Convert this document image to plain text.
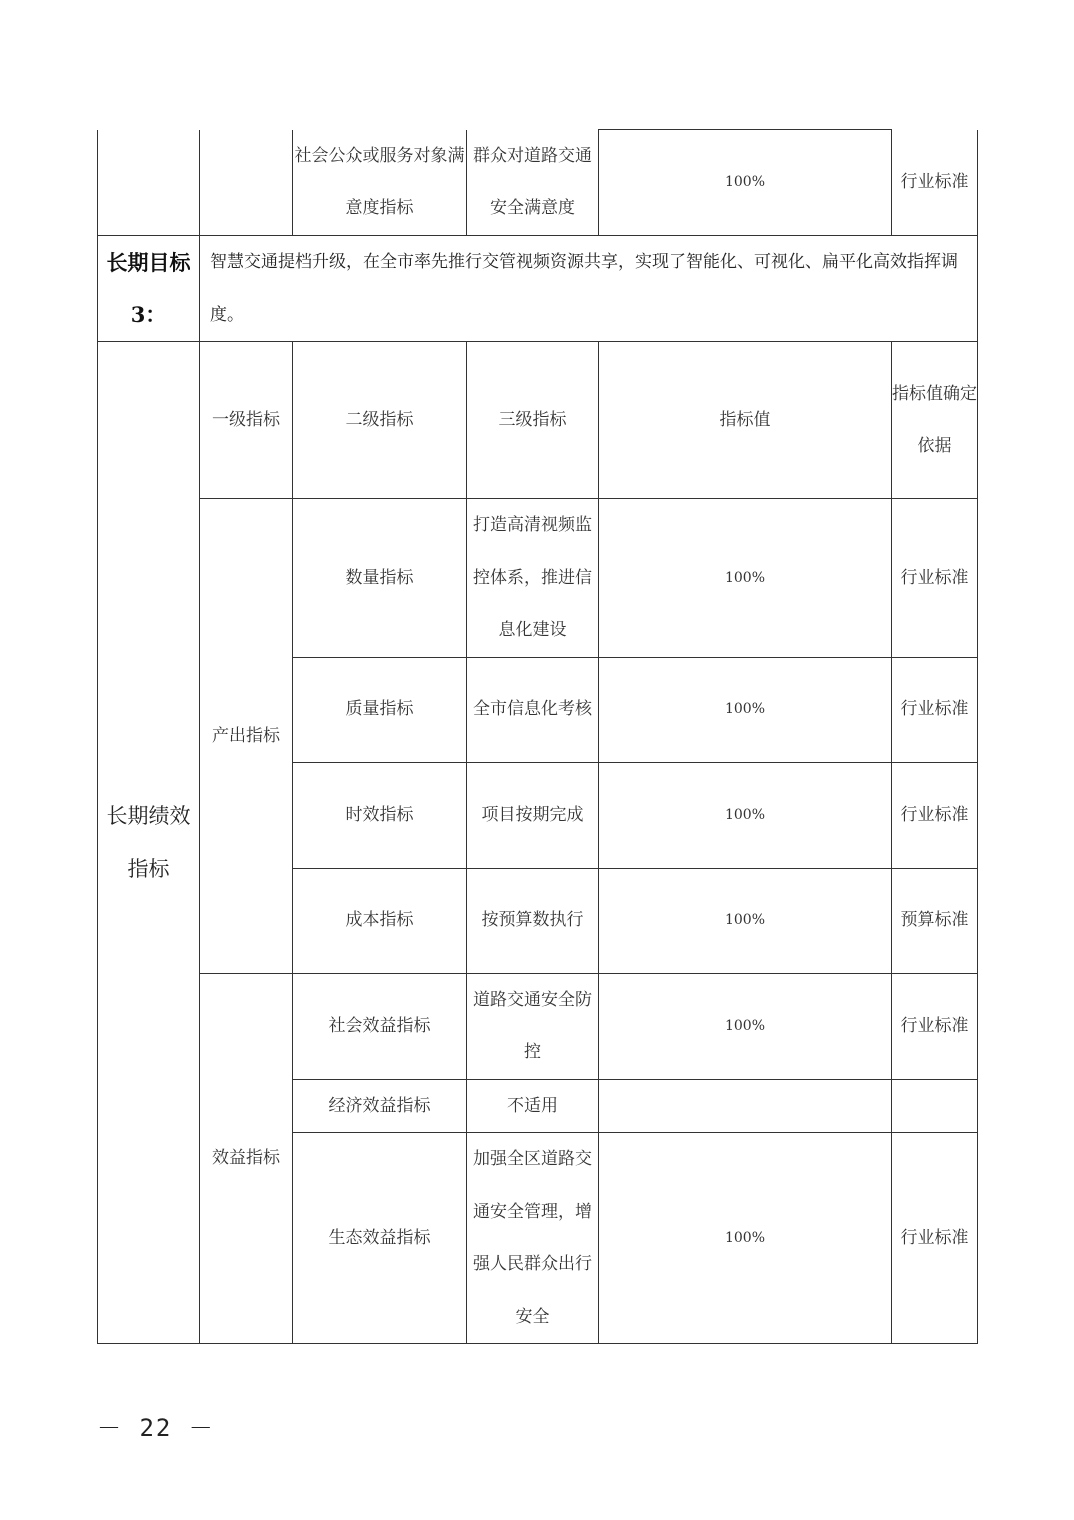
		社会公众或服务对象满意度指标	群众对道路交通安全满意度	100%	行业标准
长期目标3：	智慧交通提档升级，在全市率先推行交管视频资源共享，实现了智能化、可视化、扁平化高效指挥调度。				
长期绩效指标	一级指标	二级指标	三级指标	指标值	指标值确定依据
	产出指标	数量指标	打造高清视频监控体系，推进信息化建设	100%	行业标准
		质量指标	全市信息化考核	100%	行业标准
		时效指标	项目按期完成	100%	行业标准
		成本指标	按预算数执行	100%	预算标准
	效益指标	社会效益指标	道路交通安全防控	100%	行业标准
		经济效益指标	不适用		
		生态效益指标	加强全区道路交通安全管理，增强人民群众出行安全	100%	行业标准
－ 22 －
